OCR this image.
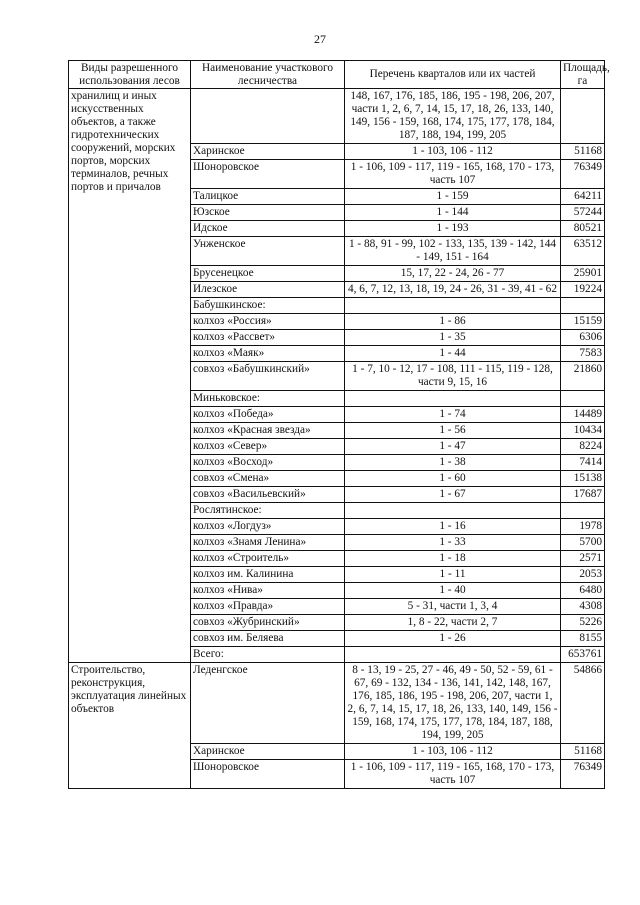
27
Виды разрешенного использования лесов	Наименование участкового лесничества	Перечень кварталов или их частей	Площадь, га
хранилищ и иных искусственных объектов, а также гидротехнических сооружений, морских портов, морских терминалов, речных портов и причалов		148, 167, 176, 185, 186, 195 - 198, 206, 207, части 1, 2, 6, 7, 14, 15, 17, 18, 26, 133, 140, 149, 156 - 159, 168, 174, 175, 177, 178, 184, 187, 188, 194, 199, 205	
	Харинское	1 - 103, 106 - 112	51168
	Шоноровское	1 - 106, 109 - 117, 119 - 165, 168, 170 - 173, часть 107	76349
	Талицкое	1 - 159	64211
	Юзское	1 - 144	57244
	Идское	1 - 193	80521
	Унженское	1 - 88, 91 - 99, 102 - 133, 135, 139 - 142, 144 - 149, 151 - 164	63512
	Брусенецкое	15, 17, 22 - 24, 26 - 77	25901
	Илезское	4, 6, 7, 12, 13, 18, 19, 24 - 26, 31 - 39, 41 - 62	19224
	Бабушкинское:		
	колхоз «Россия»	1 - 86	15159
	колхоз «Рассвет»	1 - 35	6306
	колхоз «Маяк»	1 - 44	7583
	совхоз «Бабушкинский»	1 - 7, 10 - 12, 17 - 108, 111 - 115, 119 - 128, части 9, 15, 16	21860
	Миньковское:		
	колхоз «Победа»	1 - 74	14489
	колхоз «Красная звезда»	1 - 56	10434
	колхоз «Север»	1 - 47	8224
	колхоз «Восход»	1 - 38	7414
	совхоз «Смена»	1 - 60	15138
	совхоз «Васильевский»	1 - 67	17687
	Рослятинское:		
	колхоз «Логдуз»	1 - 16	1978
	колхоз «Знамя Ленина»	1 - 33	5700
	колхоз «Строитель»	1 - 18	2571
	колхоз им. Калинина	1 - 11	2053
	колхоз «Нива»	1 - 40	6480
	колхоз «Правда»	5 - 31, части 1, 3, 4	4308
	совхоз «Жубринский»	1, 8 - 22, части 2, 7	5226
	совхоз им. Беляева	1 - 26	8155
	Всего:		653761
Строительство, реконструкция, эксплуатация линейных объектов	Леденгское	8 - 13, 19 - 25, 27 - 46, 49 - 50, 52 - 59, 61 - 67, 69 - 132, 134 - 136, 141, 142, 148, 167, 176, 185, 186, 195 - 198, 206, 207, части 1, 2, 6, 7, 14, 15, 17, 18, 26, 133, 140, 149, 156 - 159, 168, 174, 175, 177, 178, 184, 187, 188, 194, 199, 205	54866
	Харинское	1 - 103, 106 - 112	51168
	Шоноровское	1 - 106, 109 - 117, 119 - 165, 168, 170 - 173, часть 107	76349
